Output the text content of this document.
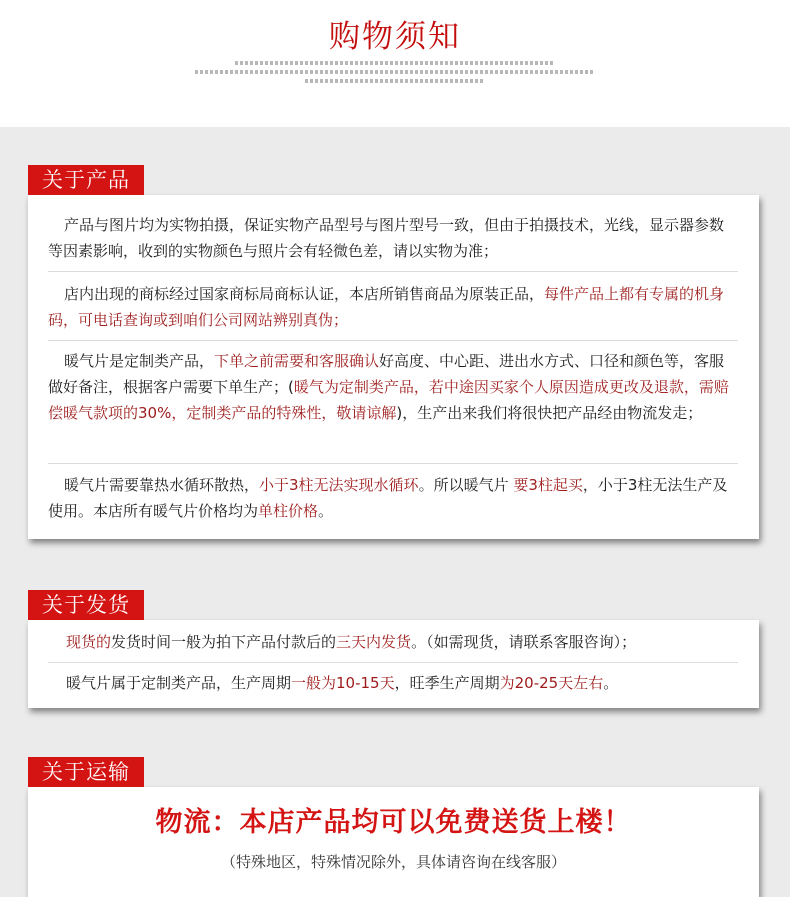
购物须知
关于产品

产品与图片均为实物拍摄，保证实物产品型号与图片型号一致，但由于拍摄技术，光线，显示器参数等因素影响，收到的实物颜色与照片会有轻微色差，请以实物为准；

店内出现的商标经过国家商标局商标认证，本店所销售商品为原装正品，每件产品上都有专属的机身码，可电话查询或到咱们公司网站辨别真伪；

暖气片是定制类产品，下单之前需要和客服确认好高度、中心距、进出水方式、口径和颜色等，客服做好备注，根据客户需要下单生产；(暖气为定制类产品，若中途因买家个人原因造成更改及退款，需赔偿暖气款项的30%，定制类产品的特殊性，敬请谅解)，生产出来我们将很快把产品经由物流发走；

暖气片需要靠热水循环散热，小于3柱无法实现水循环。所以暖气片 要3柱起买，小于3柱无法生产及使用。本店所有暖气片价格均为单柱价格。

关于发货

现货的发货时间一般为拍下产品付款后的三天内发货。（如需现货，请联系客服咨询）；

暖气片属于定制类产品，生产周期一般为10-15天，旺季生产周期为20-25天左右。

关于运输
物流：本店产品均可以免费送货上楼！
（特殊地区，特殊情况除外，具体请咨询在线客服）
